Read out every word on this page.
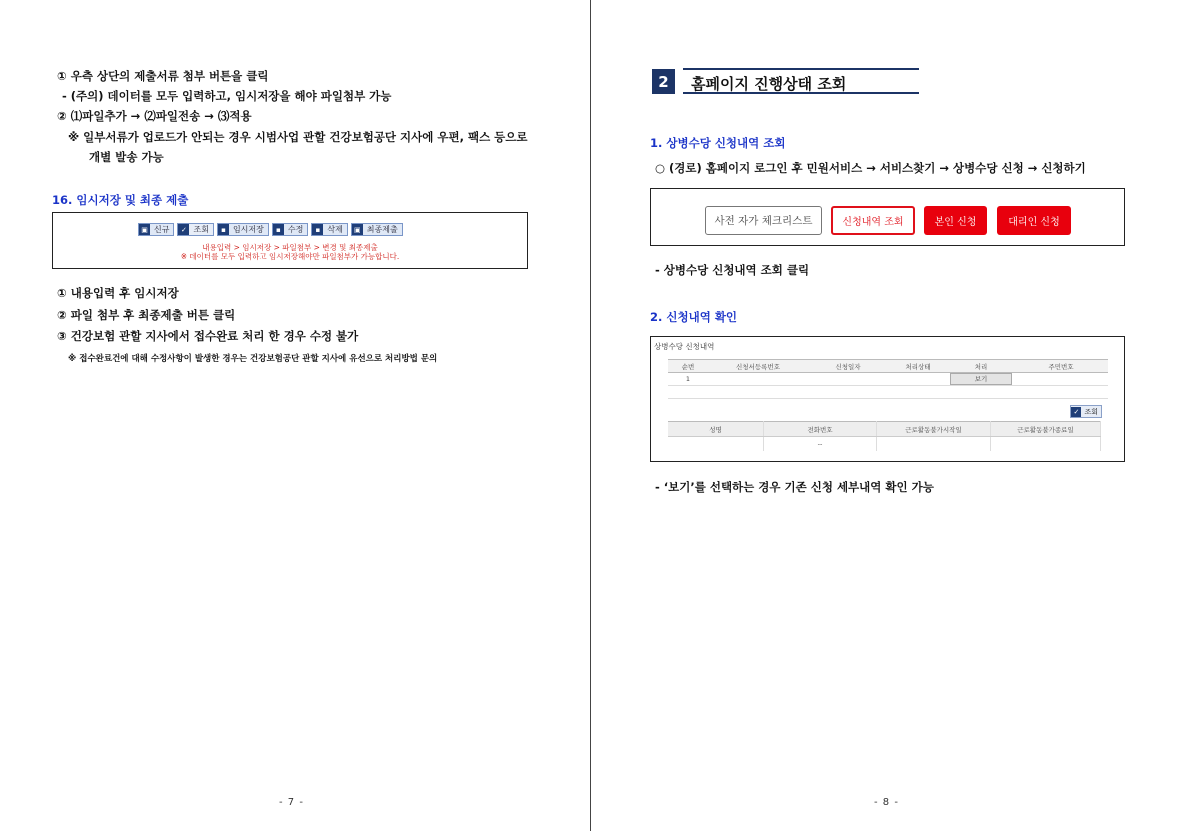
① 우측 상단의 제출서류 첨부 버튼을 클릭
- (주의) 데이터를 모두 입력하고, 임시저장을 해야 파일첨부 가능
② ⑴파일추가 → ⑵파일전송 → ⑶적용
※ 일부서류가 업로드가 안되는 경우 시범사업 관할 건강보험공단 지사에 우편, 팩스 등으로
개별 발송 가능
16. 임시저장 및 최종 제출
▣ 신규	✓ 조회	▪ 임시저장	▪ 수정	▪ 삭제	▣ 최종제출
내용입력 > 임시저장 > 파일첨부 > 변경 및 최종제출
※ 데이터를 모두 입력하고 임시저장해야만 파일첨부가 가능합니다.
① 내용입력 후 임시저장
② 파일 첨부 후 최종제출 버튼 클릭
③ 건강보험 관할 지사에서 접수완료 처리 한 경우 수정 불가
※ 접수완료건에 대해 수정사항이 발생한 경우는 건강보험공단 관할 지사에 유선으로 처리방법 문의
- 7 -
2	홈페이지 진행상태 조회
1. 상병수당 신청내역 조회
○ (경로) 홈페이지 로그인 후 민원서비스 → 서비스찾기 → 상병수당 신청 → 신청하기
사전 자가 체크리스트	신청내역 조회	본인 신청	대리인 신청
- 상병수당 신청내역 조회 클릭
2. 신청내역 확인
상병수당 신청내역
순번	신청서등록번호	신청일자	처리상태	처리	주민번호
1				보기	

✓ 조회
성명	전화번호	근로활동불가시작일	근로활동불가종료일
	--		
- ‘보기’를 선택하는 경우 기존 신청 세부내역 확인 가능
- 8 -
